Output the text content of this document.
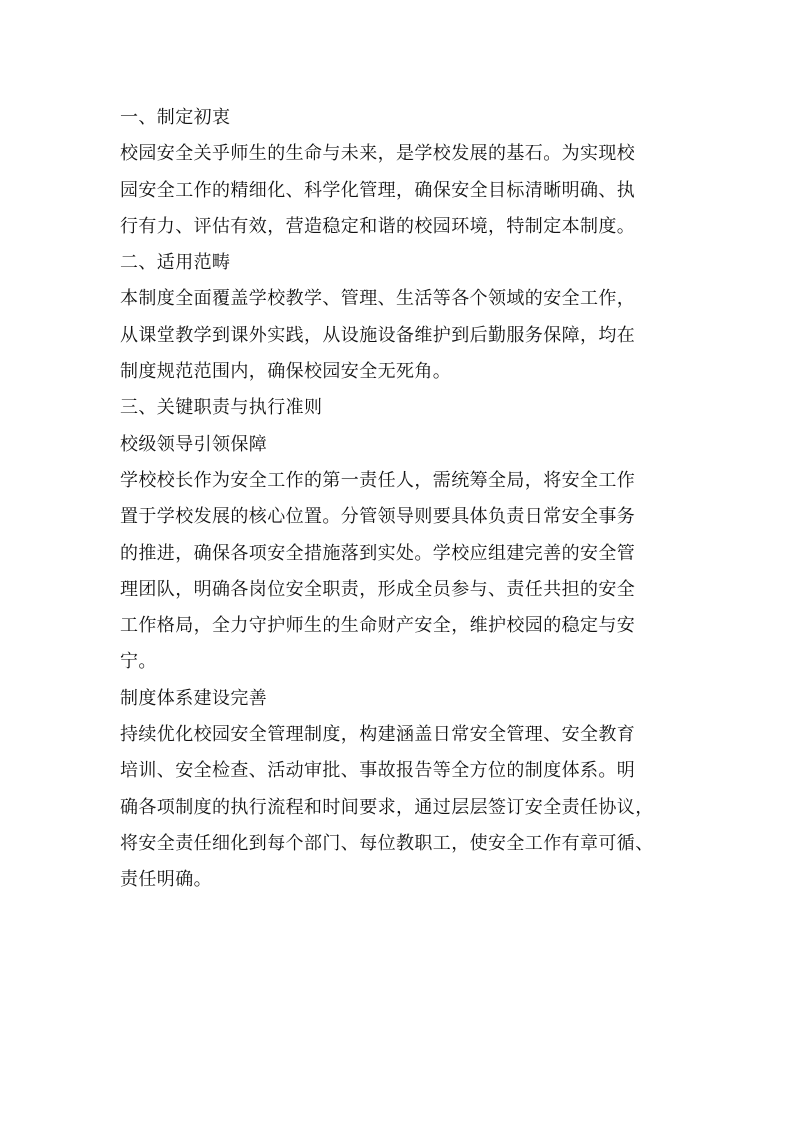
一、制定初衷

校园安全关乎师生的生命与未来，是学校发展的基石。为实现校

园安全工作的精细化、科学化管理，确保安全目标清晰明确、执

行有力、评估有效，营造稳定和谐的校园环境，特制定本制度。

二、适用范畴

本制度全面覆盖学校教学、管理、生活等各个领域的安全工作，

从课堂教学到课外实践，从设施设备维护到后勤服务保障，均在

制度规范范围内，确保校园安全无死角。

三、关键职责与执行准则

校级领导引领保障

学校校长作为安全工作的第一责任人，需统筹全局，将安全工作

置于学校发展的核心位置。分管领导则要具体负责日常安全事务

的推进，确保各项安全措施落到实处。学校应组建完善的安全管

理团队，明确各岗位安全职责，形成全员参与、责任共担的安全

工作格局，全力守护师生的生命财产安全，维护校园的稳定与安

宁。

制度体系建设完善

持续优化校园安全管理制度，构建涵盖日常安全管理、安全教育

培训、安全检查、活动审批、事故报告等全方位的制度体系。明

确各项制度的执行流程和时间要求，通过层层签订安全责任协议，

将安全责任细化到每个部门、每位教职工，使安全工作有章可循、

责任明确。
